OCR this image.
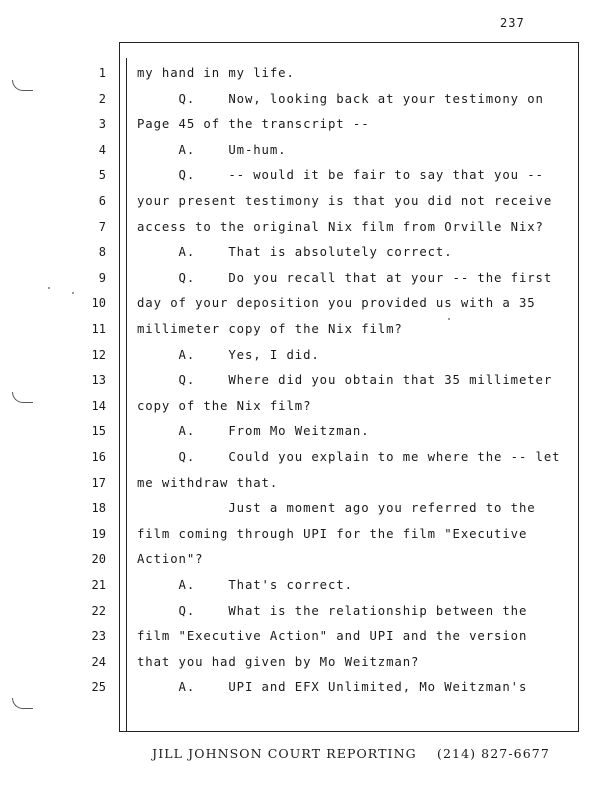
237
1	my hand in my life.
2	Q.    Now, looking back at your testimony on
3	Page 45 of the transcript --
4	A.    Um-hum.
5	Q.    -- would it be fair to say that you --
6	your present testimony is that you did not receive
7	access to the original Nix film from Orville Nix?
8	A.    That is absolutely correct.
9	Q.    Do you recall that at your -- the first
10	day of your deposition you provided us with a 35
11	millimeter copy of the Nix film?
12	A.    Yes, I did.
13	Q.    Where did you obtain that 35 millimeter
14	copy of the Nix film?
15	A.    From Mo Weitzman.
16	Q.    Could you explain to me where the -- let
17	me withdraw that.
18	Just a moment ago you referred to the
19	film coming through UPI for the film "Executive
20	Action"?
21	A.    That's correct.
22	Q.    What is the relationship between the
23	film "Executive Action" and UPI and the version
24	that you had given by Mo Weitzman?
25	A.    UPI and EFX Unlimited, Mo Weitzman's
JILL JOHNSON COURT REPORTING    (214) 827-6677
